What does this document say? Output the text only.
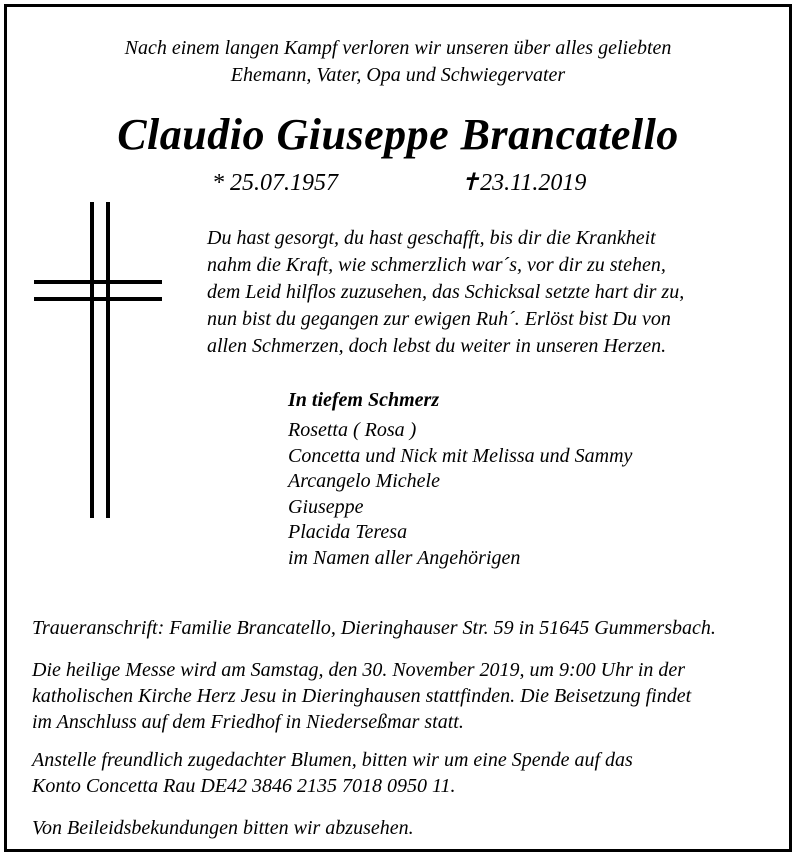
Nach einem langen Kampf verloren wir unseren über alles geliebten
Ehemann, Vater, Opa und Schwiegervater
Claudio Giuseppe Brancatello
* 25.07.1957	✝23.11.2019
Du hast gesorgt, du hast geschafft, bis dir die Krankheit
nahm die Kraft, wie schmerzlich war´s, vor dir zu stehen,
dem Leid hilflos zuzusehen, das Schicksal setzte hart dir zu,
nun bist du gegangen zur ewigen Ruh´. Erlöst bist Du von
allen Schmerzen, doch lebst du weiter in unseren Herzen.
In tiefem Schmerz
Rosetta ( Rosa )
Concetta und Nick mit Melissa und Sammy
Arcangelo Michele
Giuseppe
Placida Teresa
im Namen aller Angehörigen
Traueranschrift: Familie Brancatello, Dieringhauser Str. 59 in 51645 Gummersbach.
Die heilige Messe wird am Samstag, den 30. November 2019, um 9:00 Uhr in der
katholischen Kirche Herz Jesu in Dieringhausen stattfinden. Die Beisetzung findet
im Anschluss auf dem Friedhof in Niederseßmar statt.
Anstelle freundlich zugedachter Blumen, bitten wir um eine Spende auf das
Konto Concetta Rau DE42 3846 2135 7018 0950 11.
Von Beileidsbekundungen bitten wir abzusehen.
